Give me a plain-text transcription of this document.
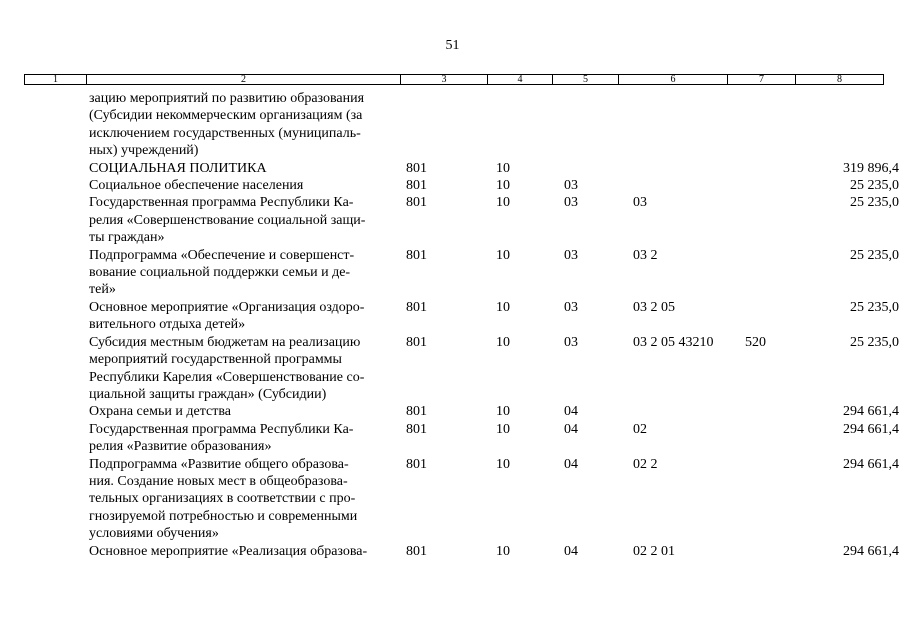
51
1	2	3	4	5	6	7	8

	зацию мероприятий по развитию образования
(Субсидии некоммерческим организациям (за
исключением государственных (муниципаль-
ных) учреждений)						

	СОЦИАЛЬНАЯ ПОЛИТИКА	801	10				319 896,4

	Социальное обеспечение населения	801	10	03			25 235,0

	Государственная программа Республики Ка-
релия «Совершенствование социальной защи-
ты граждан»	801	10	03	03		25 235,0

	Подпрограмма «Обеспечение и совершенст-
вование социальной поддержки семьи и де-
тей»	801	10	03	03 2		25 235,0

	Основное мероприятие «Организация оздоро-
вительного отдыха детей»	801	10	03	03 2 05		25 235,0

	Субсидия местным бюджетам на реализацию
мероприятий государственной программы
Республики Карелия «Совершенствование со-
циальной защиты граждан» (Субсидии)	801	10	03	03 2 05 43210	520	25 235,0

	Охрана семьи и детства	801	10	04			294 661,4

	Государственная программа Республики Ка-
релия «Развитие образования»	801	10	04	02		294 661,4

	Подпрограмма «Развитие общего образова-
ния. Создание новых мест в общеобразова-
тельных организациях в соответствии с про-
гнозируемой потребностью и современными
условиями обучения»	801	10	04	02 2		294 661,4

	Основное мероприятие «Реализация образова-	801	10	04	02 2 01		294 661,4
